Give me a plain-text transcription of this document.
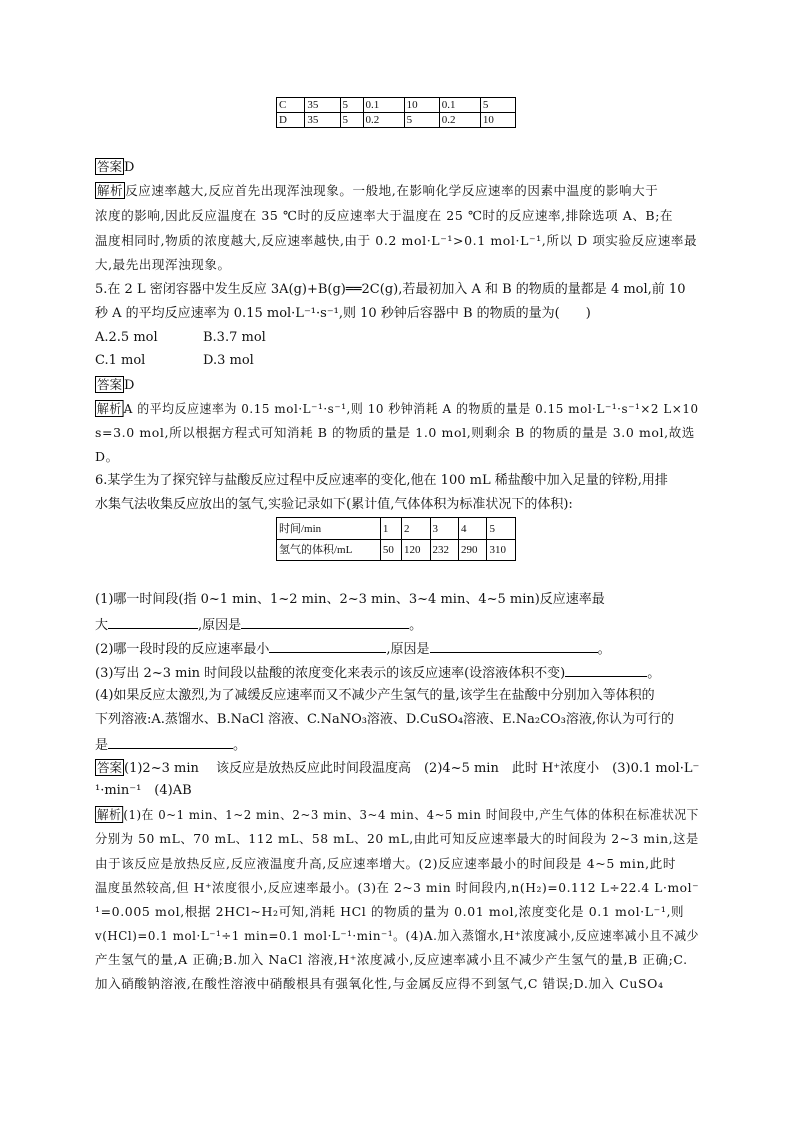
C	35	5	0.1	10	0.1	5
D	35	5	0.2	5	0.2	10
答案 D
解析 反应速率越大,反应首先出现浑浊现象。一般地,在影响化学反应速率的因素中温度的影响大于
浓度的影响,因此反应温度在 35 ℃时的反应速率大于温度在 25 ℃时的反应速率,排除选项 A、B;在
温度相同时,物质的浓度越大,反应速率越快,由于 0.2 mol·L⁻¹>0.1 mol·L⁻¹,所以 D 项实验反应速率最
大,最先出现浑浊现象。
5.在 2 L 密闭容器中发生反应 3A(g)+B(g)══2C(g),若最初加入 A 和 B 的物质的量都是 4 mol,前 10
秒 A 的平均反应速率为 0.15 mol·L⁻¹·s⁻¹,则 10 秒钟后容器中 B 的物质的量为(　　)
A.2.5 mol	B.3.7 mol
C.1 mol	D.3 mol
答案 D
解析 A 的平均反应速率为 0.15 mol·L⁻¹·s⁻¹,则 10 秒钟消耗 A 的物质的量是 0.15 mol·L⁻¹·s⁻¹×2 L×10
s=3.0 mol,所以根据方程式可知消耗 B 的物质的量是 1.0 mol,则剩余 B 的物质的量是 3.0 mol,故选
D。
6.某学生为了探究锌与盐酸反应过程中反应速率的变化,他在 100 mL 稀盐酸中加入足量的锌粉,用排
水集气法收集反应放出的氢气,实验记录如下(累计值,气体体积为标准状况下的体积):
时间/min	1	2	3	4	5
氢气的体积/mL	50	120	232	290	310
(1)哪一时间段(指 0~1 min、1~2 min、2~3 min、3~4 min、4~5 min)反应速率最
大	,原因是	。
(2)哪一段时段的反应速率最小	,原因是	。
(3)写出 2~3 min 时间段以盐酸的浓度变化来表示的该反应速率(设溶液体积不变)	。
(4)如果反应太激烈,为了减缓反应速率而又不减少产生氢气的量,该学生在盐酸中分别加入等体积的
下列溶液:A.蒸馏水、B.NaCl 溶液、C.NaNO₃溶液、D.CuSO₄溶液、E.Na₂CO₃溶液,你认为可行的
是	。
答案 (1)2~3 min　 该反应是放热反应此时间段温度高　(2)4~5 min　此时 H⁺浓度小　(3)0.1 mol·L⁻
¹·min⁻¹　(4)AB
解析 (1)在 0~1 min、1~2 min、2~3 min、3~4 min、4~5 min 时间段中,产生气体的体积在标准状况下
分别为 50 mL、70 mL、112 mL、58 mL、20 mL,由此可知反应速率最大的时间段为 2~3 min,这是
由于该反应是放热反应,反应液温度升高,反应速率增大。(2)反应速率最小的时间段是 4~5 min,此时
温度虽然较高,但 H⁺浓度很小,反应速率最小。(3)在 2~3 min 时间段内,n(H₂)=0.112 L÷22.4 L·mol⁻
¹=0.005 mol,根据 2HCl~H₂可知,消耗 HCl 的物质的量为 0.01 mol,浓度变化是 0.1 mol·L⁻¹,则
v(HCl)=0.1 mol·L⁻¹÷1 min=0.1 mol·L⁻¹·min⁻¹。(4)A.加入蒸馏水,H⁺浓度减小,反应速率减小且不减少
产生氢气的量,A 正确;B.加入 NaCl 溶液,H⁺浓度减小,反应速率减小且不减少产生氢气的量,B 正确;C.
加入硝酸钠溶液,在酸性溶液中硝酸根具有强氧化性,与金属反应得不到氢气,C 错误;D.加入 CuSO₄
